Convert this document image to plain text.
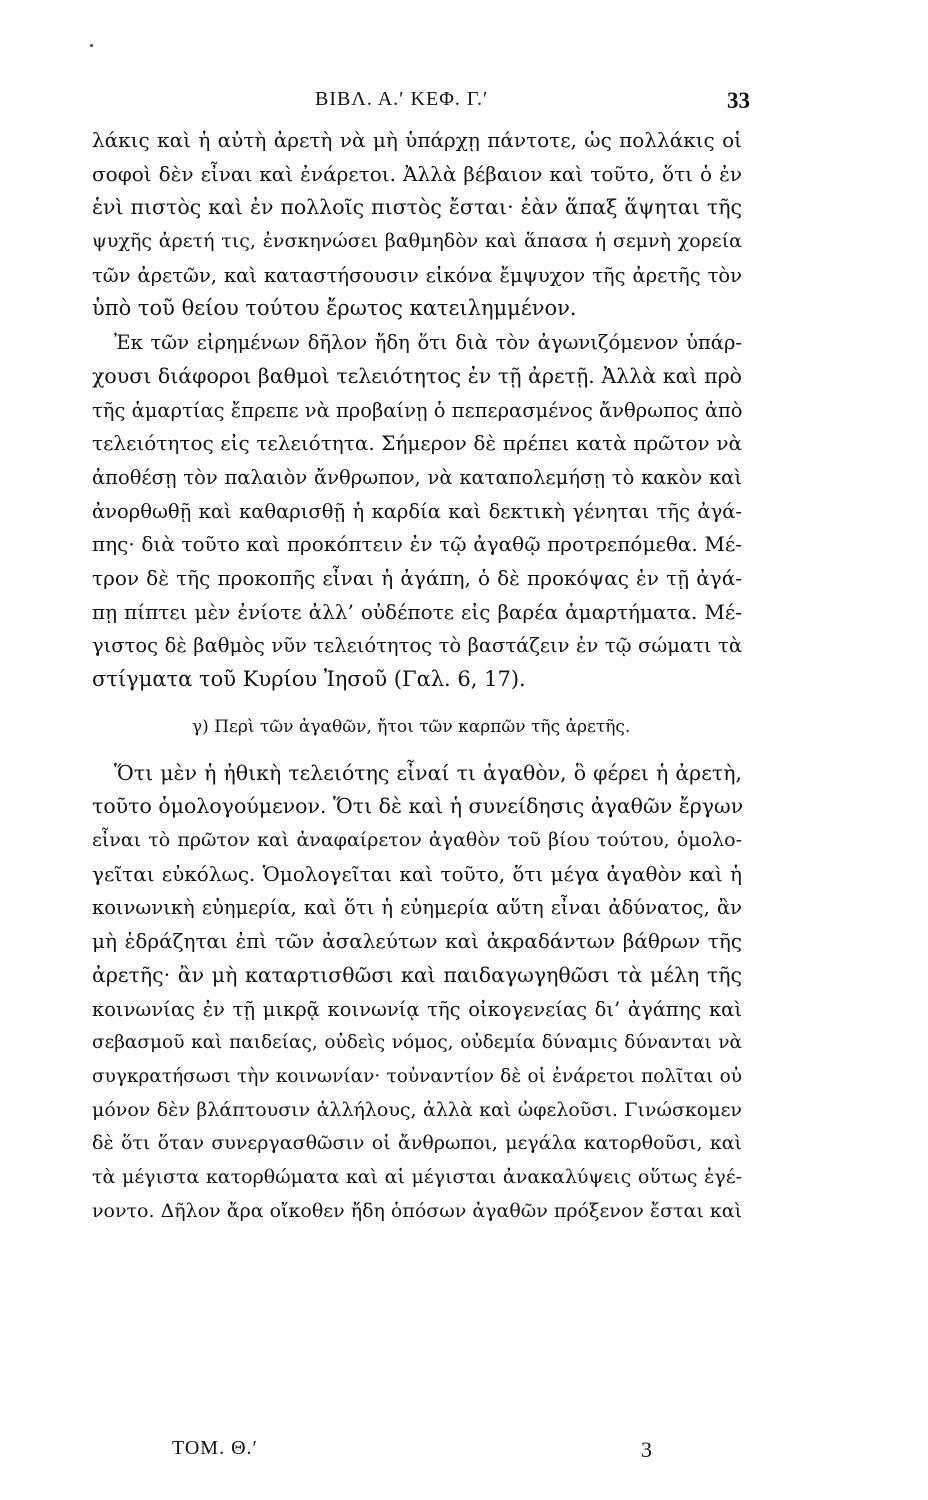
ΒΙΒΛ. Α.′ ΚΕΦ. Γ.′	33
λάκις καὶ ἡ αὐτὴ ἀρετὴ νὰ μὴ ὑπάρχῃ πάντοτε, ὡς πολλάκις οἱ
σοφοὶ δὲν εἶναι καὶ ἐνάρετοι. Ἀλλὰ βέβαιον καὶ τοῦτο, ὅτι ὁ ἐν
ἑνὶ πιστὸς καὶ ἐν πολλοῖς πιστὸς ἔσται· ἐὰν ἅπαξ ἅψηται τῆς
ψυχῆς ἀρετή τις, ἐνσκηνώσει βαθμηδὸν καὶ ἅπασα ἡ σεμνὴ χορεία
τῶν ἀρετῶν, καὶ καταστήσουσιν εἰκόνα ἔμψυχον τῆς ἀρετῆς τὸν
ὑπὸ τοῦ θείου τούτου ἔρωτος κατειλημμένον.
Ἐκ τῶν εἰρημένων δῆλον ἤδη ὅτι διὰ τὸν ἀγωνιζόμενον ὑπάρ-
χουσι διάφοροι βαθμοὶ τελειότητος ἐν τῇ ἀρετῇ. Ἀλλὰ καὶ πρὸ
τῆς ἁμαρτίας ἔπρεπε νὰ προβαίνῃ ὁ πεπερασμένος ἄνθρωπος ἀπὸ
τελειότητος εἰς τελειότητα. Σήμερον δὲ πρέπει κατὰ πρῶτον νὰ
ἀποθέσῃ τὸν παλαιὸν ἄνθρωπον, νὰ καταπολεμήσῃ τὸ κακὸν καὶ
ἀνορθωθῇ καὶ καθαρισθῇ ἡ καρδία καὶ δεκτικὴ γένηται τῆς ἀγά-
πης· διὰ τοῦτο καὶ προκόπτειν ἐν τῷ ἀγαθῷ προτρεπόμεθα. Μέ-
τρον δὲ τῆς προκοπῆς εἶναι ἡ ἀγάπη, ὁ δὲ προκόψας ἐν τῇ ἀγά-
πῃ πίπτει μὲν ἐνίοτε ἀλλ’ οὐδέποτε εἰς βαρέα ἁμαρτήματα. Μέ-
γιστος δὲ βαθμὸς νῦν τελειότητος τὸ βαστάζειν ἐν τῷ σώματι τὰ
στίγματα τοῦ Κυρίου Ἰησοῦ (Γαλ. 6, 17).
γ) Περὶ τῶν ἀγαθῶν, ἤτοι τῶν καρπῶν τῆς ἀρετῆς.
Ὅτι μὲν ἡ ἠθικὴ τελειότης εἶναί τι ἀγαθὸν, ὃ φέρει ἡ ἀρετὴ,
τοῦτο ὁμολογούμενον. Ὅτι δὲ καὶ ἡ συνείδησις ἀγαθῶν ἔργων
εἶναι τὸ πρῶτον καὶ ἀναφαίρετον ἀγαθὸν τοῦ βίου τούτου, ὁμολο-
γεῖται εὐκόλως. Ὁμολογεῖται καὶ τοῦτο, ὅτι μέγα ἀγαθὸν καὶ ἡ
κοινωνικὴ εὐημερία, καὶ ὅτι ἡ εὐημερία αὕτη εἶναι ἀδύνατος, ἂν
μὴ ἑδράζηται ἐπὶ τῶν ἀσαλεύτων καὶ ἀκραδάντων βάθρων τῆς
ἀρετῆς· ἂν μὴ καταρτισθῶσι καὶ παιδαγωγηθῶσι τὰ μέλη τῆς
κοινωνίας ἐν τῇ μικρᾷ κοινωνίᾳ τῆς οἰκογενείας δι’ ἀγάπης καὶ
σεβασμοῦ καὶ παιδείας, οὐδεὶς νόμος, οὐδεμία δύναμις δύνανται νὰ
συγκρατήσωσι τὴν κοινωνίαν· τοὐναντίον δὲ οἱ ἐνάρετοι πολῖται οὐ
μόνον δὲν βλάπτουσιν ἀλλήλους, ἀλλὰ καὶ ὠφελοῦσι. Γινώσκομεν
δὲ ὅτι ὅταν συνεργασθῶσιν οἱ ἄνθρωποι, μεγάλα κατορθοῦσι, καὶ
τὰ μέγιστα κατορθώματα καὶ αἱ μέγισται ἀνακαλύψεις οὕτως ἐγέ-
νοντο. Δῆλον ἄρα οἴκοθεν ἤδη ὁπόσων ἀγαθῶν πρόξενον ἔσται καὶ
ΤΟΜ. Θ.′	3
